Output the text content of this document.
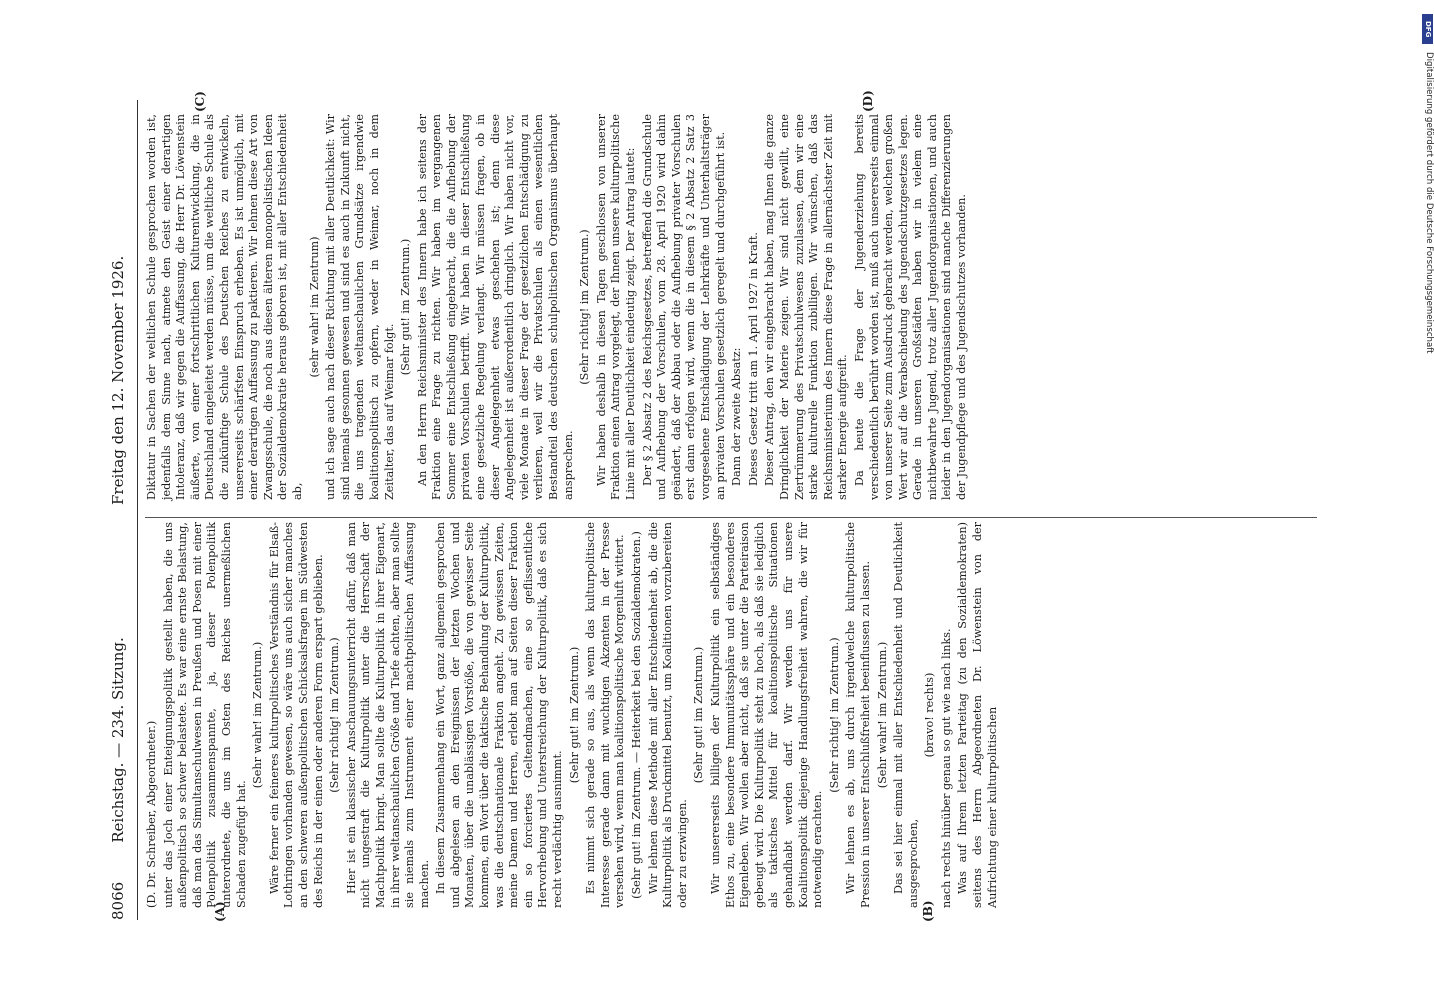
8066
Reichstag. — 234. Sitzung.
Freitag den 12. November 1926.
(A)	(B)
(C)	(D)

(D. Dr. Schreiber, Abgeordneter.) unter das Joch einer Enteignungspolitik gestellt haben, die uns außenpolitisch so schwer belastete. Es war eine ernste Belastung, daß man das Simultanschulwesen in Preußen und Posen mit einer Polenpolitik zusammenspannte, ja, dieser Polenpolitik unterordnete, die uns im Osten des Reiches unermeßlichen Schaden zugefügt hat.

(Sehr wahr! im Zentrum.) Wäre ferner ein feineres kulturpolitisches Verständnis für Elsaß-Lothringen vorhanden gewesen, so wäre uns auch sicher manches an den schweren außenpolitischen Schicksalsfragen im Südwesten des Reichs in der einen oder anderen Form erspart geblieben. (Sehr richtig! im Zentrum.) Hier ist ein klassischer Anschauungsunterricht dafür, daß man nicht ungestraft die Kulturpolitik unter die Herrschaft der Machtpolitik bringt. Man sollte die Kulturpolitik in ihrer Eigenart, in ihrer weltanschaulichen Größe und Tiefe achten, aber man sollte sie niemals zum Instrument einer machtpolitischen Auffassung machen. In diesem Zusammenhang ein Wort, ganz allgemein gesprochen und abgelesen an den Ereignissen der letzten Wochen und Monaten, über die unablässigen Vorstöße, die von gewisser Seite kommen, ein Wort über die taktische Behandlung der Kulturpolitik, was die deutschnationale Fraktion angeht. Zu gewissen Zeiten, meine Damen und Herren, erlebt man auf Seiten dieser Fraktion ein so forciertes Geltendmachen, eine so geflissentliche Hervorhebung und Unterstreichung der Kulturpolitik, daß es sich recht verdächtig ausnimmt.

(Sehr gut! im Zentrum.) Es nimmt sich gerade so aus, als wenn das kulturpolitische Interesse gerade dann mit wuchtigen Akzenten in der Presse versehen wird, wenn man koalitionspolitische Morgenluft wittert. (Sehr gut! im Zentrum. — Heiterkeit bei den Sozialdemokraten.) Wir lehnen diese Methode mit aller Entschiedenheit ab, die die Kulturpolitik als Druckmittel benutzt, um Koalitionen vorzubereiten oder zu erzwingen.

(Sehr gut! im Zentrum.) Wir unsererseits billigen der Kulturpolitik ein selbständiges Ethos zu, eine besondere Immunitätssphäre und ein besonderes Eigenleben. Wir wollen aber nicht, daß sie unter die Parteiraison gebeugt wird. Die Kulturpolitik steht zu hoch, als daß sie lediglich als taktisches Mittel für koalitionspolitische Situationen gehandhabt werden darf. Wir werden uns für unsere Koalitionspolitik diejenige Handlungsfreiheit wahren, die wir für notwendig erachten.

(Sehr richtig! im Zentrum.) Wir lehnen es ab, uns durch irgendwelche kulturpolitische Pression in unserer Entschlußfreiheit beeinflussen zu lassen. (Sehr wahr! im Zentrum.) Das sei hier einmal mit aller Entschiedenheit und Deutlichkeit ausgesprochen,

(bravo! rechts) nach rechts hinüber genau so gut wie nach links. Was auf Ihrem letzten Parteitag (zu den Sozialdemokraten) seitens des Herrn Abgeordneten Dr. Löwenstein von der Aufrichtung einer kulturpolitischen

Diktatur in Sachen der weltlichen Schule gesprochen worden ist, jedenfalls dem Sinne nach, atmete den Geist einer derartigen Intoleranz, daß wir gegen die Auffassung, die Herr Dr. Löwenstein äußerte, von einer fortschrittlichen Kulturentwicklung, die in Deutschland eingeleitet werden müsse, um die weltliche Schule als die zukünftige Schule des Deutschen Reiches zu entwickeln, unsererseits schärfsten Einspruch erheben. Es ist unmöglich, mit einer derartigen Auffassung zu paktieren. Wir lehnen diese Art von Zwangsschule, die noch aus diesen älteren monopolistischen Ideen der Sozialdemokratie heraus geboren ist, mit aller Entschiedenheit ab,

(sehr wahr! im Zentrum) und ich sage auch nach dieser Richtung mit aller Deutlichkeit: Wir sind niemals gesonnen gewesen und sind es auch in Zukunft nicht, die uns tragenden weltanschaulichen Grundsätze irgendwie koalitionspolitisch zu opfern, weder in Weimar, noch in dem Zeitalter, das auf Weimar folgt.

(Sehr gut! im Zentrum.) An den Herrn Reichsminister des Innern habe ich seitens der Fraktion eine Frage zu richten. Wir haben im vergangenen Sommer eine Entschließung eingebracht, die die Aufhebung der privaten Vorschulen betrifft. Wir haben in dieser Entschließung eine gesetzliche Regelung verlangt. Wir müssen fragen, ob in dieser Angelegenheit etwas geschehen ist; denn diese Angelegenheit ist außerordentlich dringlich. Wir haben nicht vor, viele Monate in dieser Frage der gesetzlichen Entschädigung zu verlieren, weil wir die Privatschulen als einen wesentlichen Bestandteil des deutschen schulpolitischen Organismus überhaupt ansprechen.

(Sehr richtig! im Zentrum.) Wir haben deshalb in diesen Tagen geschlossen von unserer Fraktion einen Antrag vorgelegt, der Ihnen unsere kulturpolitische Linie mit aller Deutlichkeit eindeutig zeigt. Der Antrag lautet: Der § 2 Absatz 2 des Reichsgesetzes, betreffend die Grundschule und Aufhebung der Vorschulen, vom 28. April 1920 wird dahin geändert, daß der Abbau oder die Aufhebung privater Vorschulen erst dann erfolgen wird, wenn die in diesem § 2 Absatz 2 Satz 3 vorgesehene Entschädigung der Lehrkräfte und Unterhaltsträger an privaten Vorschulen gesetzlich geregelt und durchgeführt ist. Dann der zweite Absatz: Dieses Gesetz tritt am 1. April 1927 in Kraft. Dieser Antrag, den wir eingebracht haben, mag Ihnen die ganze Dringlichkeit der Materie zeigen. Wir sind nicht gewillt, eine Zertrümmerung des Privatschulwesens zuzulassen, dem wir eine starke kulturelle Funktion zubilligen. Wir wünschen, daß das Reichsministerium des Innern diese Frage in allernächster Zeit mit starker Energie aufgreift. Da heute die Frage der Jugenderziehung bereits verschiedentlich berührt worden ist, muß auch unsererseits einmal von unserer Seite zum Ausdruck gebracht werden, welchen großen Wert wir auf die Verabschiedung des Jugendschutzgesetzes legen. Gerade in unseren Großstädten haben wir in vielem eine nichtbewahrte Jugend, trotz aller Jugendorganisationen, und auch leider in den Jugendorganisationen sind manche Differenzierungen der Jugendpflege und des Jugendschutzes vorhanden.

DFG
Digitalisierung gefördert durch die Deutsche Forschungsgemeinschaft
